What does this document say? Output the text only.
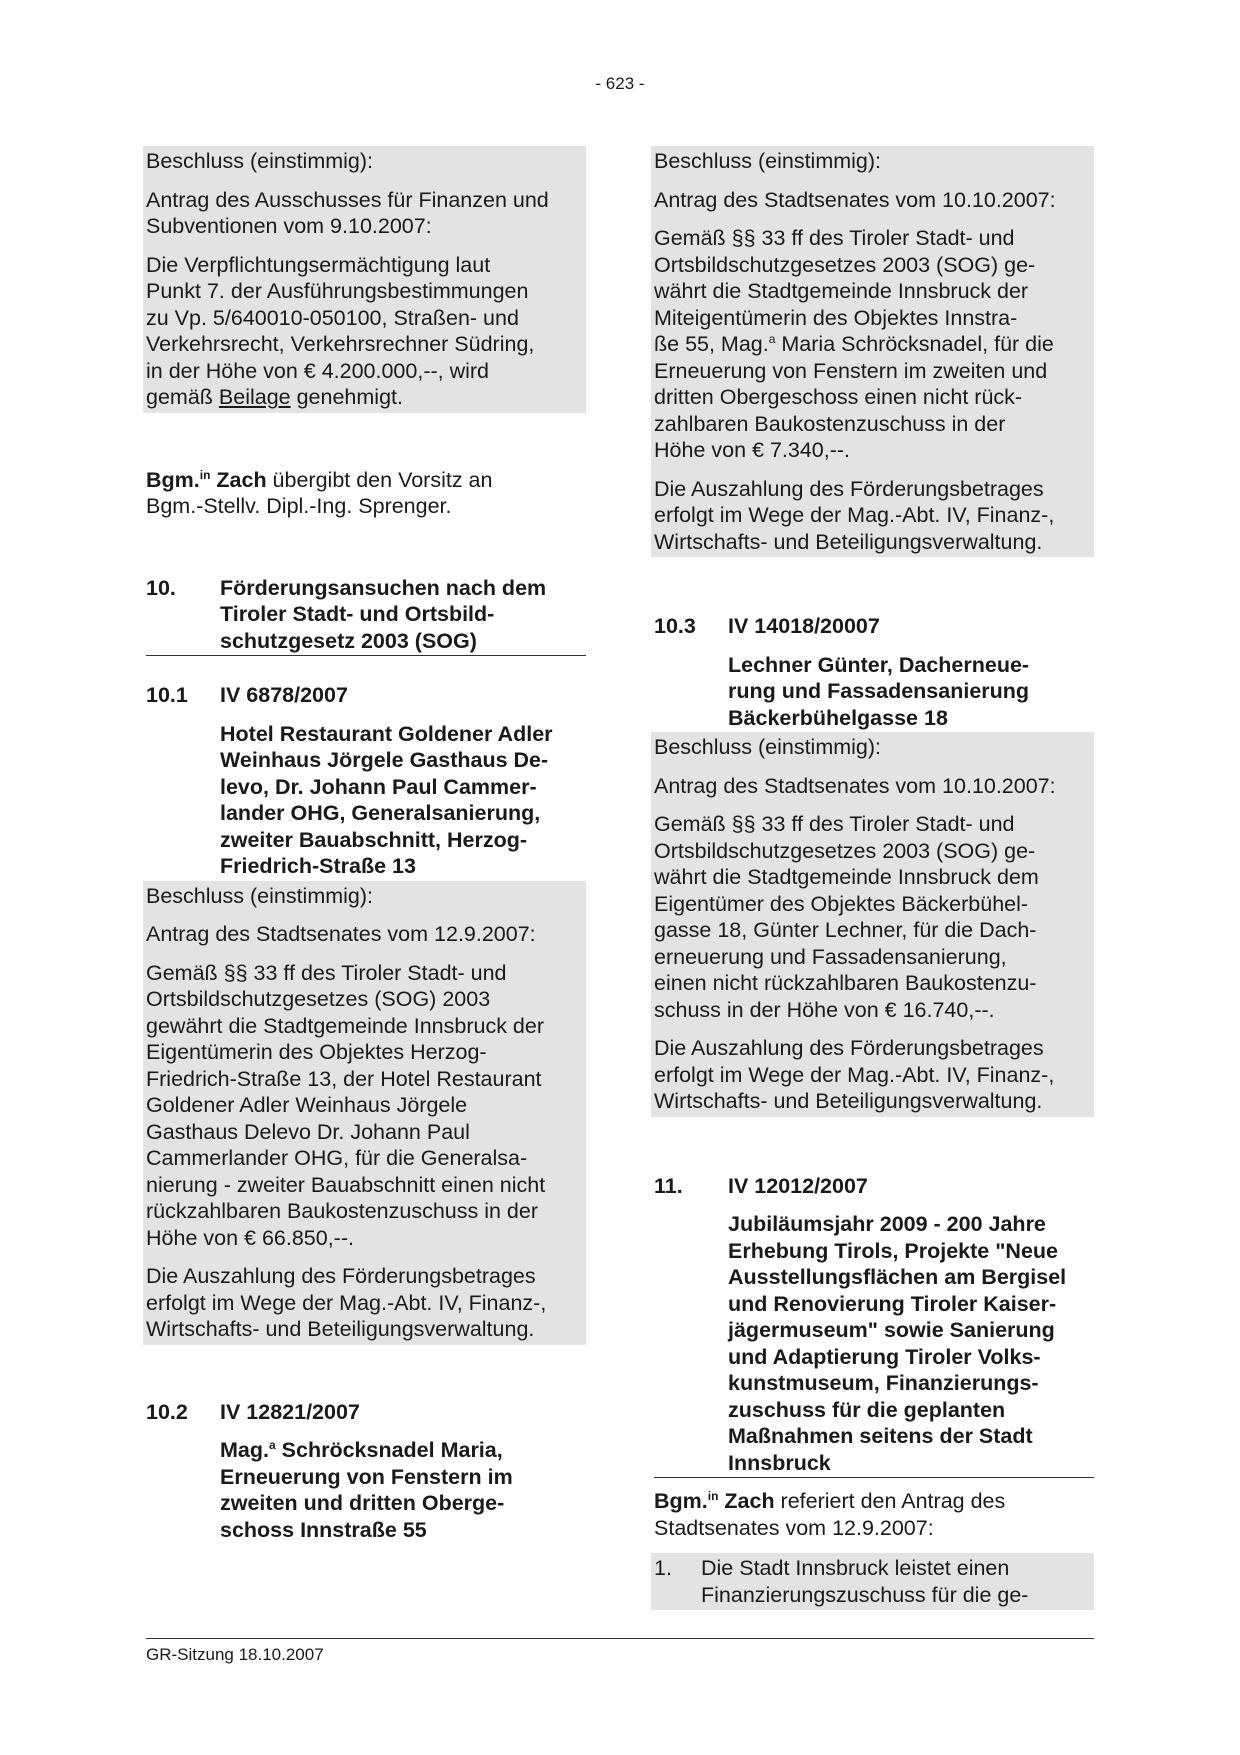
- 623 -

Beschluss (einstimmig):

Antrag des Ausschusses für Finanzen und

Subventionen vom 9.10.2007:

Die Verpflichtungsermächtigung laut

Punkt 7. der Ausführungsbestimmungen

zu Vp. 5/640010-050100, Straßen- und

Verkehrsrecht, Verkehrsrechner Südring,

in der Höhe von € 4.200.000,--, wird

gemäß Beilage genehmigt.

Bgm.$^{in}$ Zach übergibt den Vorsitz an

Bgm.-Stellv. Dipl.-Ing. Sprenger.

10.	Förderungsansuchen nach dem
Tiroler Stadt- und Ortsbild-
schutzgesetz 2003 (SOG)
10.1	IV 6878/2007
Hotel Restaurant Goldener Adler
Weinhaus Jörgele Gasthaus De-
levo, Dr. Johann Paul Cammer-
lander OHG, Generalsanierung,
zweiter Bauabschnitt, Herzog-
Friedrich-Straße 13

Beschluss (einstimmig):

Antrag des Stadtsenates vom 12.9.2007:

Gemäß §§ 33 ff des Tiroler Stadt- und

Ortsbildschutzgesetzes (SOG) 2003

gewährt die Stadtgemeinde Innsbruck der

Eigentümerin des Objektes Herzog-

Friedrich-Straße 13, der Hotel Restaurant

Goldener Adler Weinhaus Jörgele

Gasthaus Delevo Dr. Johann Paul

Cammerlander OHG, für die Generalsa-

nierung - zweiter Bauabschnitt einen nicht

rückzahlbaren Baukostenzuschuss in der

Höhe von € 66.850,--.

Die Auszahlung des Förderungsbetrages

erfolgt im Wege der Mag.-Abt. IV, Finanz-,

Wirtschafts- und Beteiligungsverwaltung.

10.2	IV 12821/2007
Mag.$^a$ Schröcksnadel Maria,
Erneuerung von Fenstern im
zweiten und dritten Oberge-
schoss Innstraße 55

Beschluss (einstimmig):

Antrag des Stadtsenates vom 10.10.2007:

Gemäß §§ 33 ff des Tiroler Stadt- und

Ortsbildschutzgesetzes 2003 (SOG) ge-

währt die Stadtgemeinde Innsbruck der

Miteigentümerin des Objektes Innstra-

ße 55, Mag.$^a$ Maria Schröcksnadel, für die

Erneuerung von Fenstern im zweiten und

dritten Obergeschoss einen nicht rück-

zahlbaren Baukostenzuschuss in der

Höhe von € 7.340,--.

Die Auszahlung des Förderungsbetrages

erfolgt im Wege der Mag.-Abt. IV, Finanz-,

Wirtschafts- und Beteiligungsverwaltung.

10.3	IV 14018/20007
Lechner Günter, Dacherneue-
rung und Fassadensanierung
Bäckerbühelgasse 18

Beschluss (einstimmig):

Antrag des Stadtsenates vom 10.10.2007:

Gemäß §§ 33 ff des Tiroler Stadt- und

Ortsbildschutzgesetzes 2003 (SOG) ge-

währt die Stadtgemeinde Innsbruck dem

Eigentümer des Objektes Bäckerbühel-

gasse 18, Günter Lechner, für die Dach-

erneuerung und Fassadensanierung,

einen nicht rückzahlbaren Baukostenzu-

schuss in der Höhe von € 16.740,--.

Die Auszahlung des Förderungsbetrages

erfolgt im Wege der Mag.-Abt. IV, Finanz-,

Wirtschafts- und Beteiligungsverwaltung.

11.	IV 12012/2007
Jubiläumsjahr 2009 - 200 Jahre
Erhebung Tirols, Projekte "Neue
Ausstellungsflächen am Bergisel
und Renovierung Tiroler Kaiser-
jägermuseum" sowie Sanierung
und Adaptierung Tiroler Volks-
kunstmuseum, Finanzierungs-
zuschuss für die geplanten
Maßnahmen seitens der Stadt
Innsbruck

Bgm.$^{in}$ Zach referiert den Antrag des

Stadtsenates vom 12.9.2007:

1.	Die Stadt Innsbruck leistet einen
Finanzierungszuschuss für die ge-
GR-Sitzung 18.10.2007
